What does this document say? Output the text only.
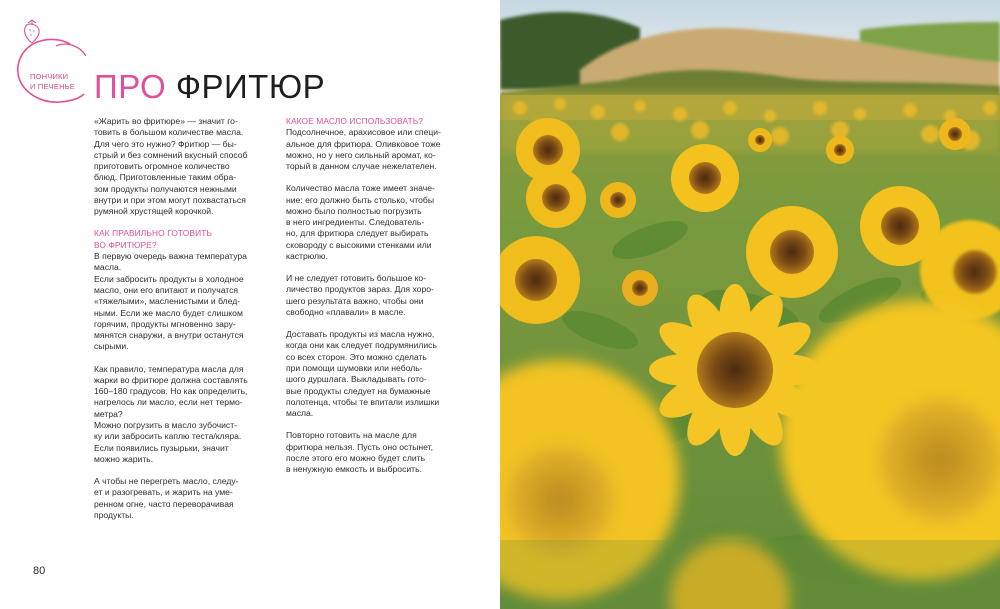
ПОНЧИКИ
И ПЕЧЕНЬЕ ПРО ФРИТЮР

«Жарить во фритюре» — значит го-
товить в большом количестве масла.
Для чего это нужно? Фритюр — бы-
стрый и без сомнений вкусный способ
приготовить огромное количество
блюд. Приготовленные таким обра-
зом продукты получаются нежными
внутри и при этом могут похвастаться
румяной хрустящей корочкой.

КАК ПРАВИЛЬНО ГОТОВИТЬ
ВО ФРИТЮРЕ?

В первую очередь важна температура
масла.
Если забросить продукты в холодное
масло, они его впитают и получатся
«тяжелыми», масленистыми и блед-
ными. Если же масло будет слишком
горячим, продукты мгновенно зару-
мянятся снаружи, а внутри останутся
сырыми.

Как правило, температура масла для
жарки во фритюре должна составлять
160–180 градусов. Но как определить,
нагрелось ли масло, если нет термо-
метра?
Можно погрузить в масло зубочист-
ку или забросить каплю теста/кляра.
Если появились пузырьки, значит
можно жарить.

А чтобы не перегреть масло, следу-
ет и разогревать, и жарить на уме-
ренном огне, часто переворачивая
продукты.

КАКОЕ МАСЛО ИСПОЛЬЗОВАТЬ?

Подсолнечное, арахисовое или специ-
альное для фритюра. Оливковое тоже
можно, но у него сильный аромат, ко-
торый в данном случае нежелателен.

Количество масла тоже имеет значе-
ние: его должно быть столько, чтобы
можно было полностью погрузить
в него ингредиенты. Следователь-
но, для фритюра следует выбирать
сковороду с высокими стенками или
кастрюлю.

И не следует готовить большое ко-
личество продуктов зараз. Для хоро-
шего результата важно, чтобы они
свободно «плавали» в масле.

Доставать продукты из масла нужно,
когда они как следует подрумянились
со всех сторон. Это можно сделать
при помощи шумовки или неболь-
шого дуршлага. Выкладывать гото-
вые продукты следует на бумажные
полотенца, чтобы те впитали излишки
масла.

Повторно готовить на масле для
фритюра нельзя. Пусть оно остынет,
после этого его можно будет слить
в ненужную емкость и выбросить.

80
